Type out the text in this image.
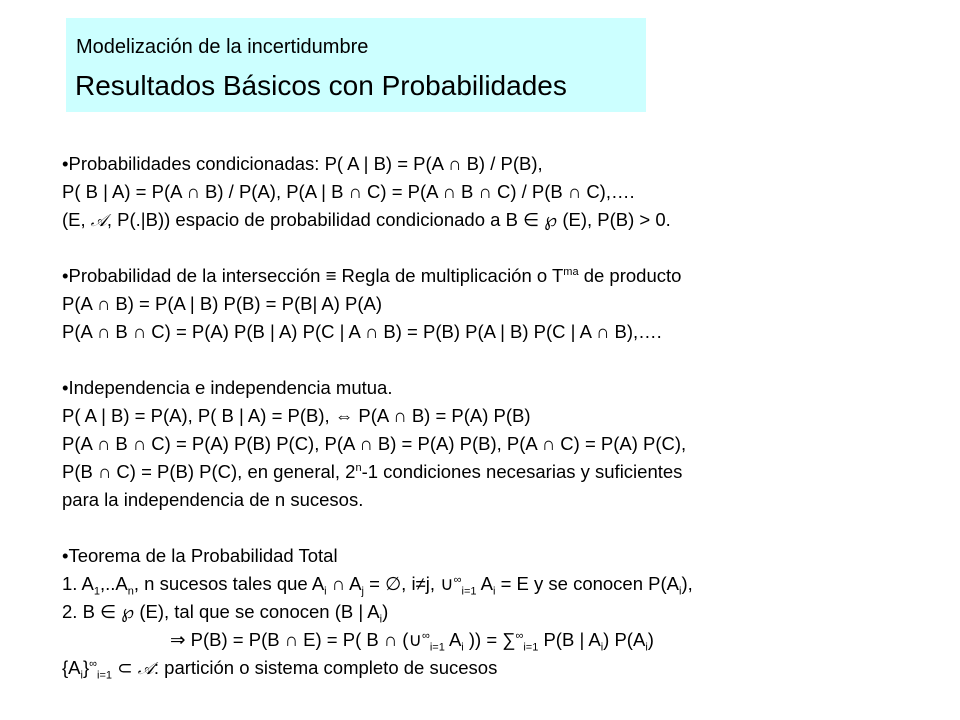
Modelización de la incertidumbre
Resultados Básicos con Probabilidades
•Probabilidades condicionadas: P( A | B) = P(A ∩ B) / P(B),
P( B | A) = P(A ∩ B) / P(A), P(A | B ∩ C) = P(A ∩ B ∩ C) / P(B ∩ C),….
(E, 𝒜, P(.|B)) espacio de probabilidad condicionado a B ∈ ℘ (E), P(B) > 0.
•Probabilidad de la intersección ≡ Regla de multiplicación o $T^{ma}$ de producto
P(A ∩ B) = P(A | B) P(B) = P(B| A) P(A)
P(A ∩ B ∩ C) = P(A) P(B | A) P(C | A ∩ B) = P(B) P(A | B) P(C | A ∩ B),….
•Independencia e independencia mutua.
P( A | B) = P(A), P( B | A) = P(B), ⇔ P(A ∩ B) = P(A) P(B)
P(A ∩ B ∩ C) = P(A) P(B) P(C), P(A ∩ B) = P(A) P(B), P(A ∩ C) = P(A) P(C),
P(B ∩ C) = P(B) P(C), en general, 2$^n$-1 condiciones necesarias y suficientes
para la independencia de n sucesos.
•Teorema de la Probabilidad Total
1. $A_1,..A_n$, n sucesos tales que $A_i$ ∩ $A_j$ = ∅, i≠j, $\cup^\infty_{i=1}$ $A_i = E$ y se conocen $P(A_i)$,
2. B ∈ ℘ (E), tal que se conocen (B | $A_i$)
⇒ P(B) = P(B ∩ E) = P( B ∩ ($\cup^\infty_{i=1}$ $A_i$ )) = $\sum^\infty_{i=1}$ P(B | $A_i$) $P(A_i)$
$\{A_i\}^\infty_{i=1}$ ⊂ 𝒜: partición o sistema completo de sucesos
